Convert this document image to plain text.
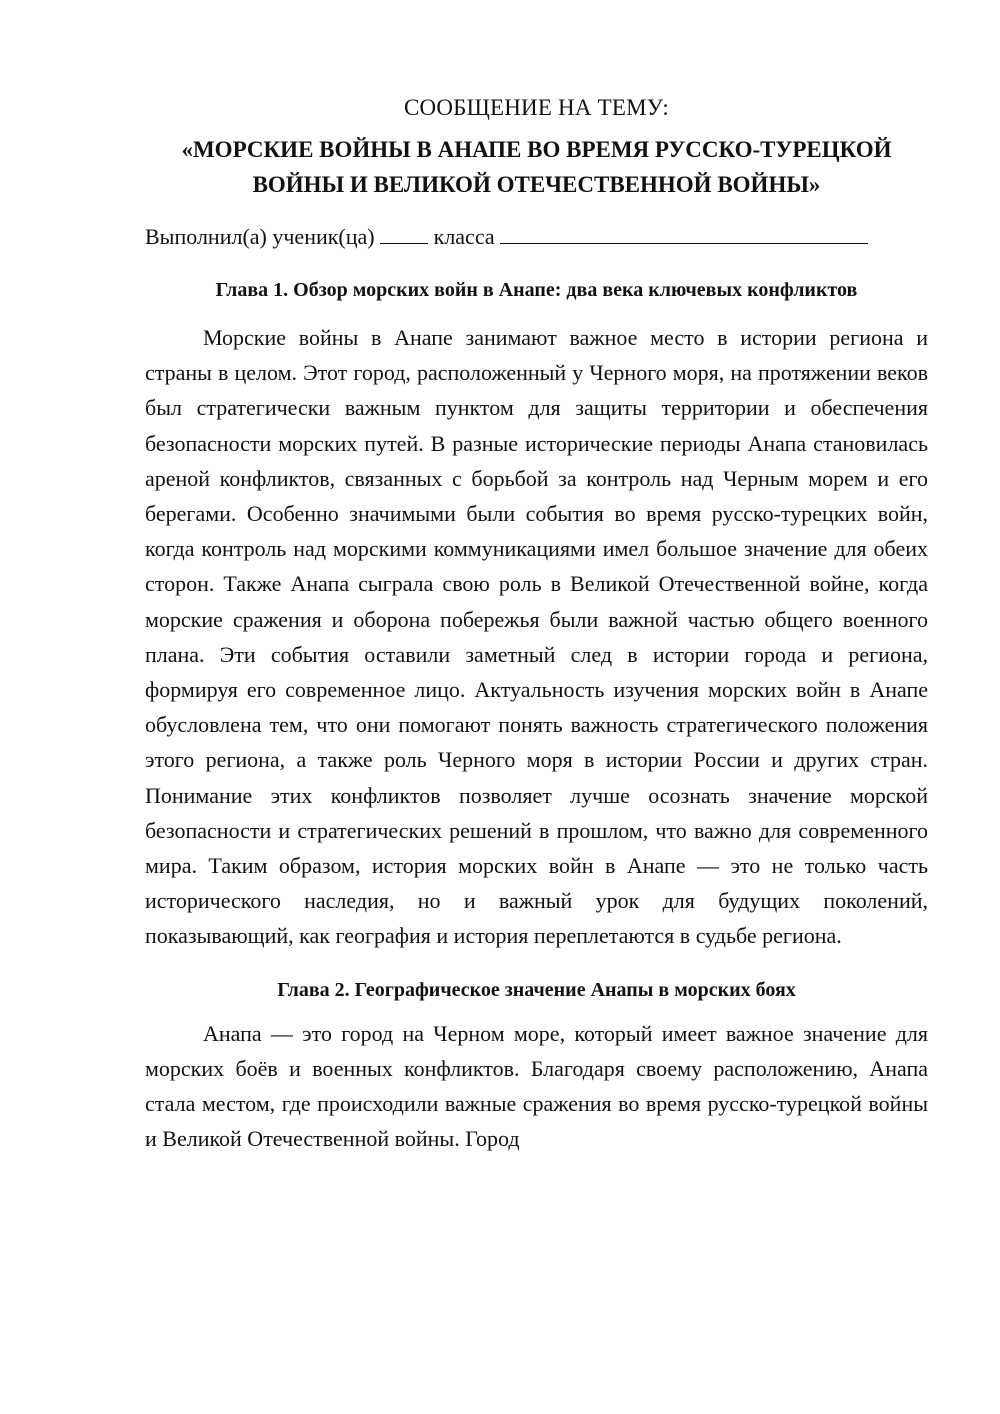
СООБЩЕНИЕ НА ТЕМУ:
«МОРСКИЕ ВОЙНЫ В АНАПЕ ВО ВРЕМЯ РУССКО-ТУРЕЦКОЙ ВОЙНЫ И ВЕЛИКОЙ ОТЕЧЕСТВЕННОЙ ВОЙНЫ»
Выполнил(а) ученик(ца)	класса
Глава 1. Обзор морских войн в Анапе: два века ключевых конфликтов

Морские войны в Анапе занимают важное место в истории региона и страны в целом. Этот город, расположенный у Черного моря, на протяжении веков был стратегически важным пунктом для защиты территории и обеспечения безопасности морских путей. В разные исторические периоды Анапа становилась ареной конфликтов, связанных с борьбой за контроль над Черным морем и его берегами. Особенно значимыми были события во время русско-турецких войн, когда контроль над морскими коммуникациями имел большое значение для обеих сторон. Также Анапа сыграла свою роль в Великой Отечественной войне, когда морские сражения и оборона побережья были важной частью общего военного плана. Эти события оставили заметный след в истории города и региона, формируя его современное лицо. Актуальность изучения морских войн в Анапе обусловлена тем, что они помогают понять важность стратегического положения этого региона, а также роль Черного моря в истории России и других стран. Понимание этих конфликтов позволяет лучше осознать значение морской безопасности и стратегических решений в прошлом, что важно для современного мира. Таким образом, история морских войн в Анапе — это не только часть исторического наследия, но и важный урок для будущих поколений, показывающий, как география и история переплетаются в судьбе региона.

Глава 2. Географическое значение Анапы в морских боях

Анапа — это город на Черном море, который имеет важное значение для морских боёв и военных конфликтов. Благодаря своему расположению, Анапа стала местом, где происходили важные сражения во время русско-турецкой войны и Великой Отечественной войны. Город
